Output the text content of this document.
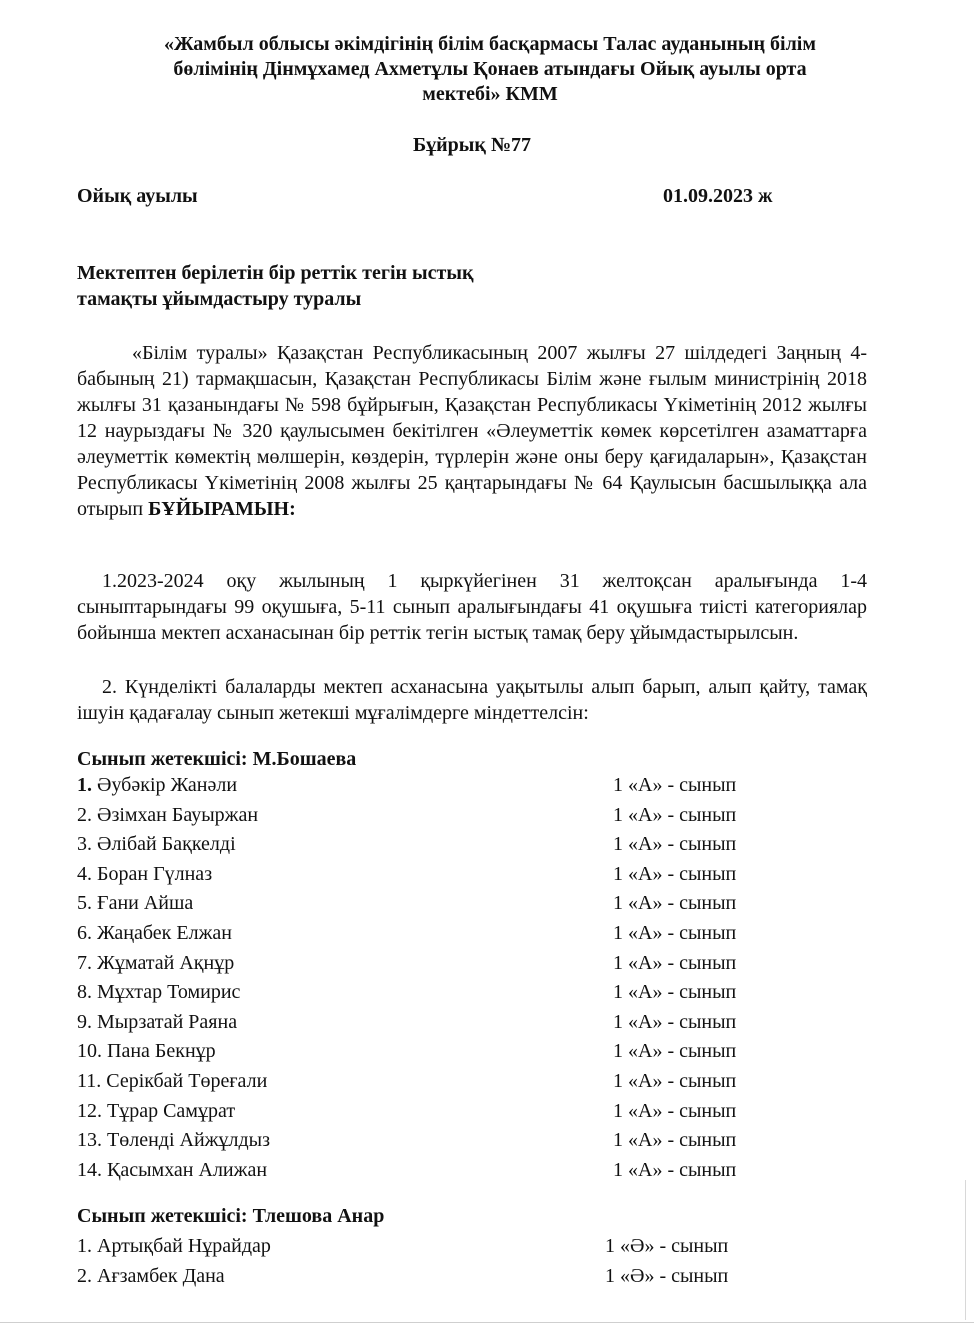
«Жамбыл облысы әкімдігінің білім басқармасы Талас ауданының білім
бөлімінің Дінмұхамед Ахметұлы Қонаев атындағы Ойық ауылы орта
мектебі» КММ
Бұйрық №77
Ойық ауылы	01.09.2023 ж
Мектептен берілетін бір реттік тегін ыстық
тамақты ұйымдастыру туралы
«Білім туралы» Қазақстан Республикасының 2007 жылғы 27 шілдедегі Заңның 4-бабының 21) тармақшасын, Қазақстан Республикасы Білім және ғылым министрінің 2018 жылғы 31 қазанындағы № 598 бұйрығын, Қазақстан Республикасы Үкіметінің 2012 жылғы 12 наурыздағы № 320 қаулысымен бекітілген «Әлеуметтік көмек көрсетілген азаматтарға әлеуметтік көмектің мөлшерін, көздерін, түрлерін және оны беру қағидаларын», Қазақстан Республикасы Үкіметінің 2008 жылғы 25 қаңтарындағы № 64 Қаулысын басшылыққа ала отырып БҰЙЫРАМЫН:
1.2023-2024 оқу жылының 1 қыркүйегінен 31 желтоқсан аралығында 1-4 сыныптарындағы 99 оқушыға, 5-11 сынып аралығындағы 41 оқушыға тиісті категориялар бойынша мектеп асханасынан бір реттік тегін ыстық тамақ беру ұйымдастырылсын.
2. Күнделікті балаларды мектеп асханасына уақытылы алып барып, алып қайту, тамақ ішуін қадағалау сынып жетекші мұғалімдерге міндеттелсін:
Сынып жетекшісі: М.Бошаева
1. Әубәкір Жанәли	1 «А» - сынып
2. Әзімхан Бауыржан	1 «А» - сынып
3. Әлібай Бақкелді	1 «А» - сынып
4. Боран Гүлназ	1 «А» - сынып
5. Ғани Айша	1 «А» - сынып
6. Жаңабек Елжан	1 «А» - сынып
7. Жұматай Ақнұр	1 «А» - сынып
8. Мұхтар Томирис	1 «А» - сынып
9. Мырзатай Раяна	1 «А» - сынып
10. Пана Бекнұр	1 «А» - сынып
11. Серікбай Төреғали	1 «А» - сынып
12. Тұрар Самұрат	1 «А» - сынып
13. Төленді Айжұлдыз	1 «А» - сынып
14. Қасымхан Алижан	1 «А» - сынып
Сынып жетекшісі: Тлешова Анар
1. Артықбай Нұрайдар	1 «Ә» - сынып
2. Ағзамбек Дана	1 «Ә» - сынып
